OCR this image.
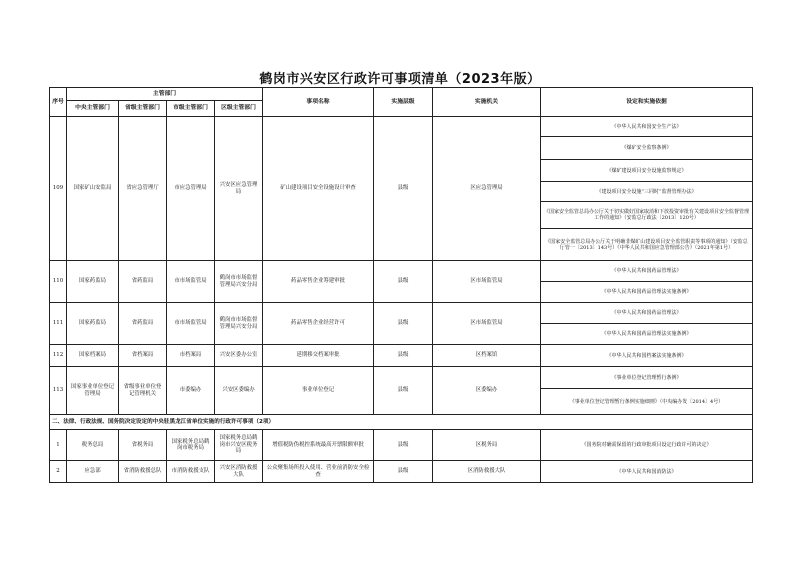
鹤岗市兴安区行政许可事项清单（2023年版）
序号	主管部门				事项名称	实施层级	实施机关	设定和实施依据
	中央主管部门	省级主管部门	市级主管部门	区级主管部门				
109	国家矿山安监局	省应急管理厅	市应急管理局	兴安区应急管理局	矿山建设项目安全设施设计审查	县级	区应急管理局	《中华人民共和国安全生产法》
								《煤矿安全监察条例》
								《煤矿建设项目安全设施监察规定》
								《建设项目安全设施“三同时”监督管理办法》
								《国家安全监管总局办公厅关于切实做好国家取消和下放投资审批有关建设项目安全监督管理工作的通知》（安监总厅政法〔2013〕120号）
								《国家安全监管总局办公厅关于明确非煤矿山建设项目安全监管职责等事项的通知》（安监总厅管一〔2013〕143号）《中华人民共和国应急管理部公告》（2021年第1号）
110	国家药监局	省药监局	市市场监管局	鹤岗市市场监督管理局兴安分局	药品零售企业筹建审批	县级	区市场监管局	《中华人民共和国药品管理法》
								《中华人民共和国药品管理法实施条例》
111	国家药监局	省药监局	市市场监管局	鹤岗市市场监督管理局兴安分局	药品零售企业经营许可	县级	区市场监管局	《中华人民共和国药品管理法》
								《中华人民共和国药品管理法实施条例》
112	国家档案局	省档案局	市档案局	兴安区委办公室	延期移交档案审批	县级	区档案馆	《中华人民共和国档案法实施条例》
113	国家事业单位登记管理局	省级事业单位登记管理机关	市委编办	兴安区委编办	事业单位登记	县级	区委编办	《事业单位登记管理暂行条例》
								《事业单位登记管理暂行条例实施细则》（中央编办发〔2014〕4号）
二、法律、行政法规、国务院决定设定的中央驻黑龙江省单位实施的行政许可事项（2项）								
1	税务总局	省税务局	国家税务总局鹤岗市税务局	国家税务总局鹤岗市兴安区税务局	增值税防伪税控系统最高开票限额审批	县级	区税务局	《国务院对确需保留的行政审批项目设定行政许可的决定》
2	应急部	省消防救援总队	市消防救援支队	兴安区消防救援大队	公众聚集场所投入使用、营业前消防安全检查	县级	区消防救援大队	《中华人民共和国消防法》
